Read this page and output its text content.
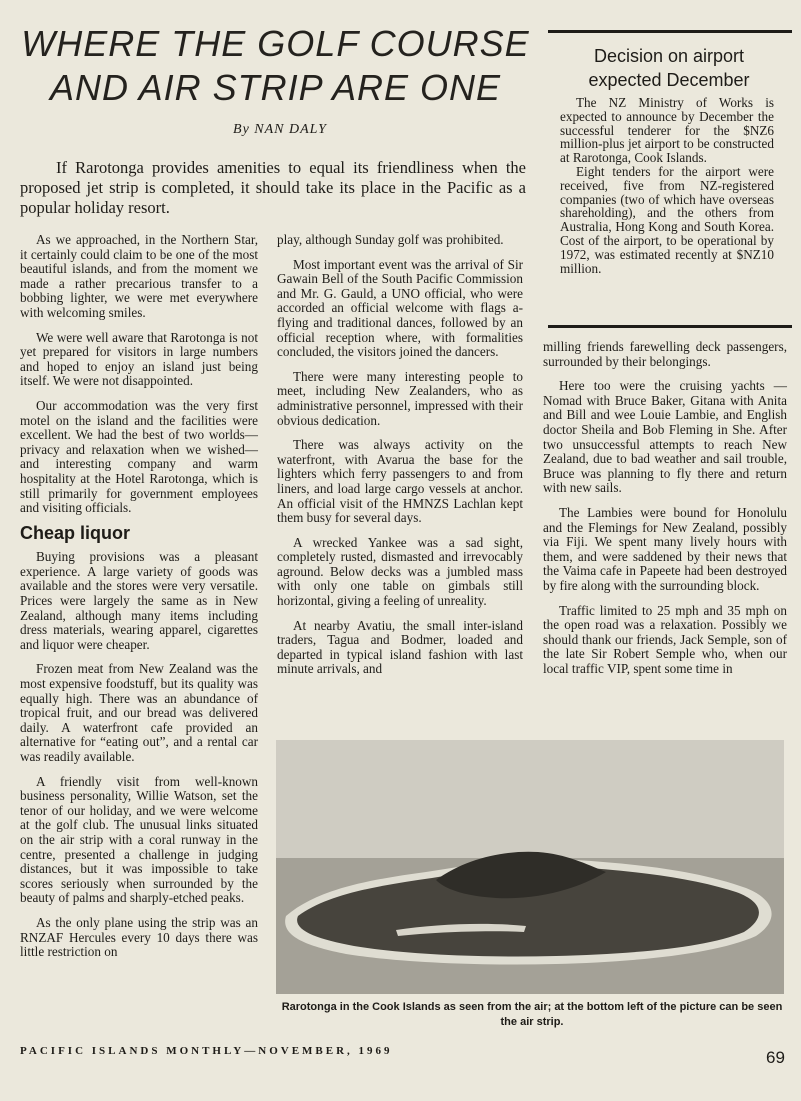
WHERE THE GOLF COURSE
AND AIR STRIP ARE ONE
By NAN DALY
If Rarotonga provides amenities to equal its friendliness when the proposed jet strip is completed, it should take its place in the Pacific as a popular holiday resort.

As we approached, in the Northern Star, it certainly could claim to be one of the most beautiful islands, and from the moment we made a rather precarious transfer to a bobbing lighter, we were met everywhere with welcoming smiles.

We were well aware that Rarotonga is not yet prepared for visitors in large numbers and hoped to enjoy an island just being itself. We were not disappointed.

Our accommodation was the very first motel on the island and the facilities were excellent. We had the best of two worlds—privacy and relaxation when we wished—and interesting company and warm hospitality at the Hotel Rarotonga, which is still primarily for government employees and visiting officials.

Cheap liquor

Buying provisions was a pleasant experience. A large variety of goods was available and the stores were very versatile. Prices were largely the same as in New Zealand, although many items including dress materials, wearing apparel, cigarettes and liquor were cheaper.

Frozen meat from New Zealand was the most expensive foodstuff, but its quality was equally high. There was an abundance of tropical fruit, and our bread was delivered daily. A waterfront cafe provided an alternative for “eating out”, and a rental car was readily available.

A friendly visit from well-known business personality, Willie Watson, set the tenor of our holiday, and we were welcome at the golf club. The unusual links situated on the air strip with a coral runway in the centre, presented a challenge in judging distances, but it was impossible to take scores seriously when surrounded by the beauty of palms and sharply-etched peaks.

As the only plane using the strip was an RNZAF Hercules every 10 days there was little restriction on

play, although Sunday golf was prohibited.

Most important event was the arrival of Sir Gawain Bell of the South Pacific Commission and Mr. G. Gauld, a UNO official, who were accorded an official welcome with flags a-flying and traditional dances, followed by an official reception where, with formalities concluded, the visitors joined the dancers.

There were many interesting people to meet, including New Zealanders, who as administrative personnel, impressed with their obvious dedication.

There was always activity on the waterfront, with Avarua the base for the lighters which ferry passengers to and from liners, and load large cargo vessels at anchor. An official visit of the HMNZS Lachlan kept them busy for several days.

A wrecked Yankee was a sad sight, completely rusted, dismasted and irrevocably aground. Below decks was a jumbled mass with only one table on gimbals still horizontal, giving a feeling of unreality.

At nearby Avatiu, the small inter-island traders, Tagua and Bodmer, loaded and departed in typical island fashion with last minute arrivals, and

Decision on airport
expected December

The NZ Ministry of Works is expected to announce by December the successful tenderer for the $NZ6 million-plus jet airport to be constructed at Rarotonga, Cook Islands.

Eight tenders for the airport were received, five from NZ-registered companies (two of which have overseas shareholding), and the others from Australia, Hong Kong and South Korea. Cost of the airport, to be operational by 1972, was estimated recently at $NZ10 million.

milling friends farewelling deck passengers, surrounded by their belongings.

Here too were the cruising yachts —Nomad with Bruce Baker, Gitana with Anita and Bill and wee Louie Lambie, and English doctor Sheila and Bob Fleming in She. After two unsuccessful attempts to reach New Zealand, due to bad weather and sail trouble, Bruce was planning to fly there and return with new sails.

The Lambies were bound for Honolulu and the Flemings for New Zealand, possibly via Fiji. We spent many lively hours with them, and were saddened by their news that the Vaima cafe in Papeete had been destroyed by fire along with the surrounding block.

Traffic limited to 25 mph and 35 mph on the open road was a relaxation. Possibly we should thank our friends, Jack Semple, son of the late Sir Robert Semple who, when our local traffic VIP, spent some time in

Rarotonga in the Cook Islands as seen from the air; at the bottom left of the picture can be seen the air strip.
PACIFIC ISLANDS MONTHLY—NOVEMBER, 1969	69
